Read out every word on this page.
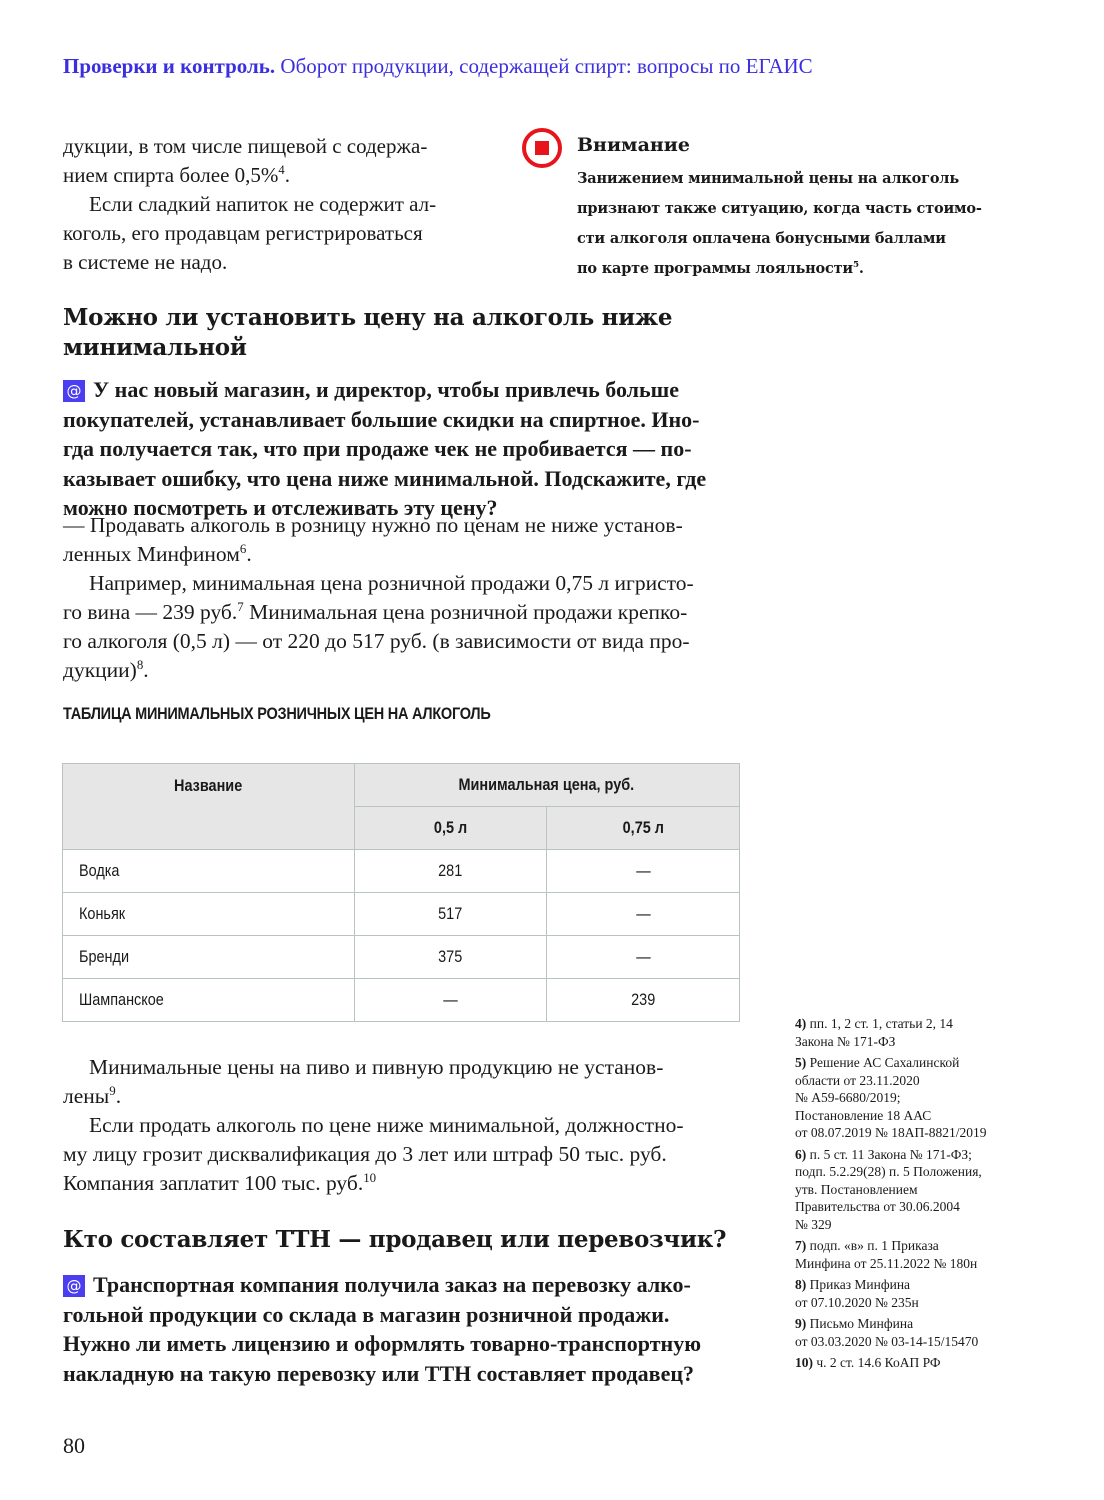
Проверки и контроль. Оборот продукции, содержащей спирт: вопросы по ЕГАИС

дукции, в том числе пищевой с содержа-
нием спирта более 0,5%$^4$.

Если сладкий напиток не содержит ал-
коголь, его продавцам регистрироваться
в системе не надо.

Внимание
Занижением минимальной цены на алкоголь
признают также ситуацию, когда часть стоимо-
сти алкоголя оплачена бонусными баллами
по карте программы лояльности$^5$.
Можно ли установить цену на алкоголь ниже
минимальной
@ У нас новый магазин, и директор, чтобы привлечь больше
покупателей, устанавливает большие скидки на спиртное. Ино-
гда получается так, что при продаже чек не пробивается — по-
казывает ошибку, что цена ниже минимальной. Подскажите, где
можно посмотреть и отслеживать эту цену?
— Продавать алкоголь в розницу нужно по ценам не ниже установ-
ленных Минфином$^6$.
Например, минимальная цена розничной продажи 0,75 л игристо-
го вина — 239 руб.$^7$ Минимальная цена розничной продажи крепко-
го алкоголя (0,5 л) — от 220 до 517 руб. (в зависимости от вида про-
дукции)$^8$.
ТАБЛИЦА МИНИМАЛЬНЫХ РОЗНИЧНЫХ ЦЕН НА АЛКОГОЛЬ
Название	Минимальная цена, руб.	
	0,5 л	0,75 л
Водка	281	—
Коньяк	517	—
Бренди	375	—
Шампанское	—	239
Минимальные цены на пиво и пивную продукцию не установ-
лены$^9$.
Если продать алкоголь по цене ниже минимальной, должностно-
му лицу грозит дисквалификация до 3 лет или штраф 50 тыс. руб.
Компания заплатит 100 тыс. руб.$^{10}$
Кто составляет ТТН — продавец или перевозчик?
@ Транспортная компания получила заказ на перевозку алко-
гольной продукции со склада в магазин розничной продажи.
Нужно ли иметь лицензию и оформлять товарно-транспортную
накладную на такую перевозку или ТТН составляет продавец?
4) пп. 1, 2 ст. 1, статьи 2, 14
Закона № 171-ФЗ
5) Решение АС Сахалинской
области от 23.11.2020
№ А59-6680/2019;
Постановление 18 ААС
от 08.07.2019 № 18АП-8821/2019
6) п. 5 ст. 11 Закона № 171-ФЗ;
подп. 5.2.29(28) п. 5 Положения,
утв. Постановлением
Правительства от 30.06.2004
№ 329
7) подп. «в» п. 1 Приказа
Минфина от 25.11.2022 № 180н
8) Приказ Минфина
от 07.10.2020 № 235н
9) Письмо Минфина
от 03.03.2020 № 03-14-15/15470
10) ч. 2 ст. 14.6 КоАП РФ
80
